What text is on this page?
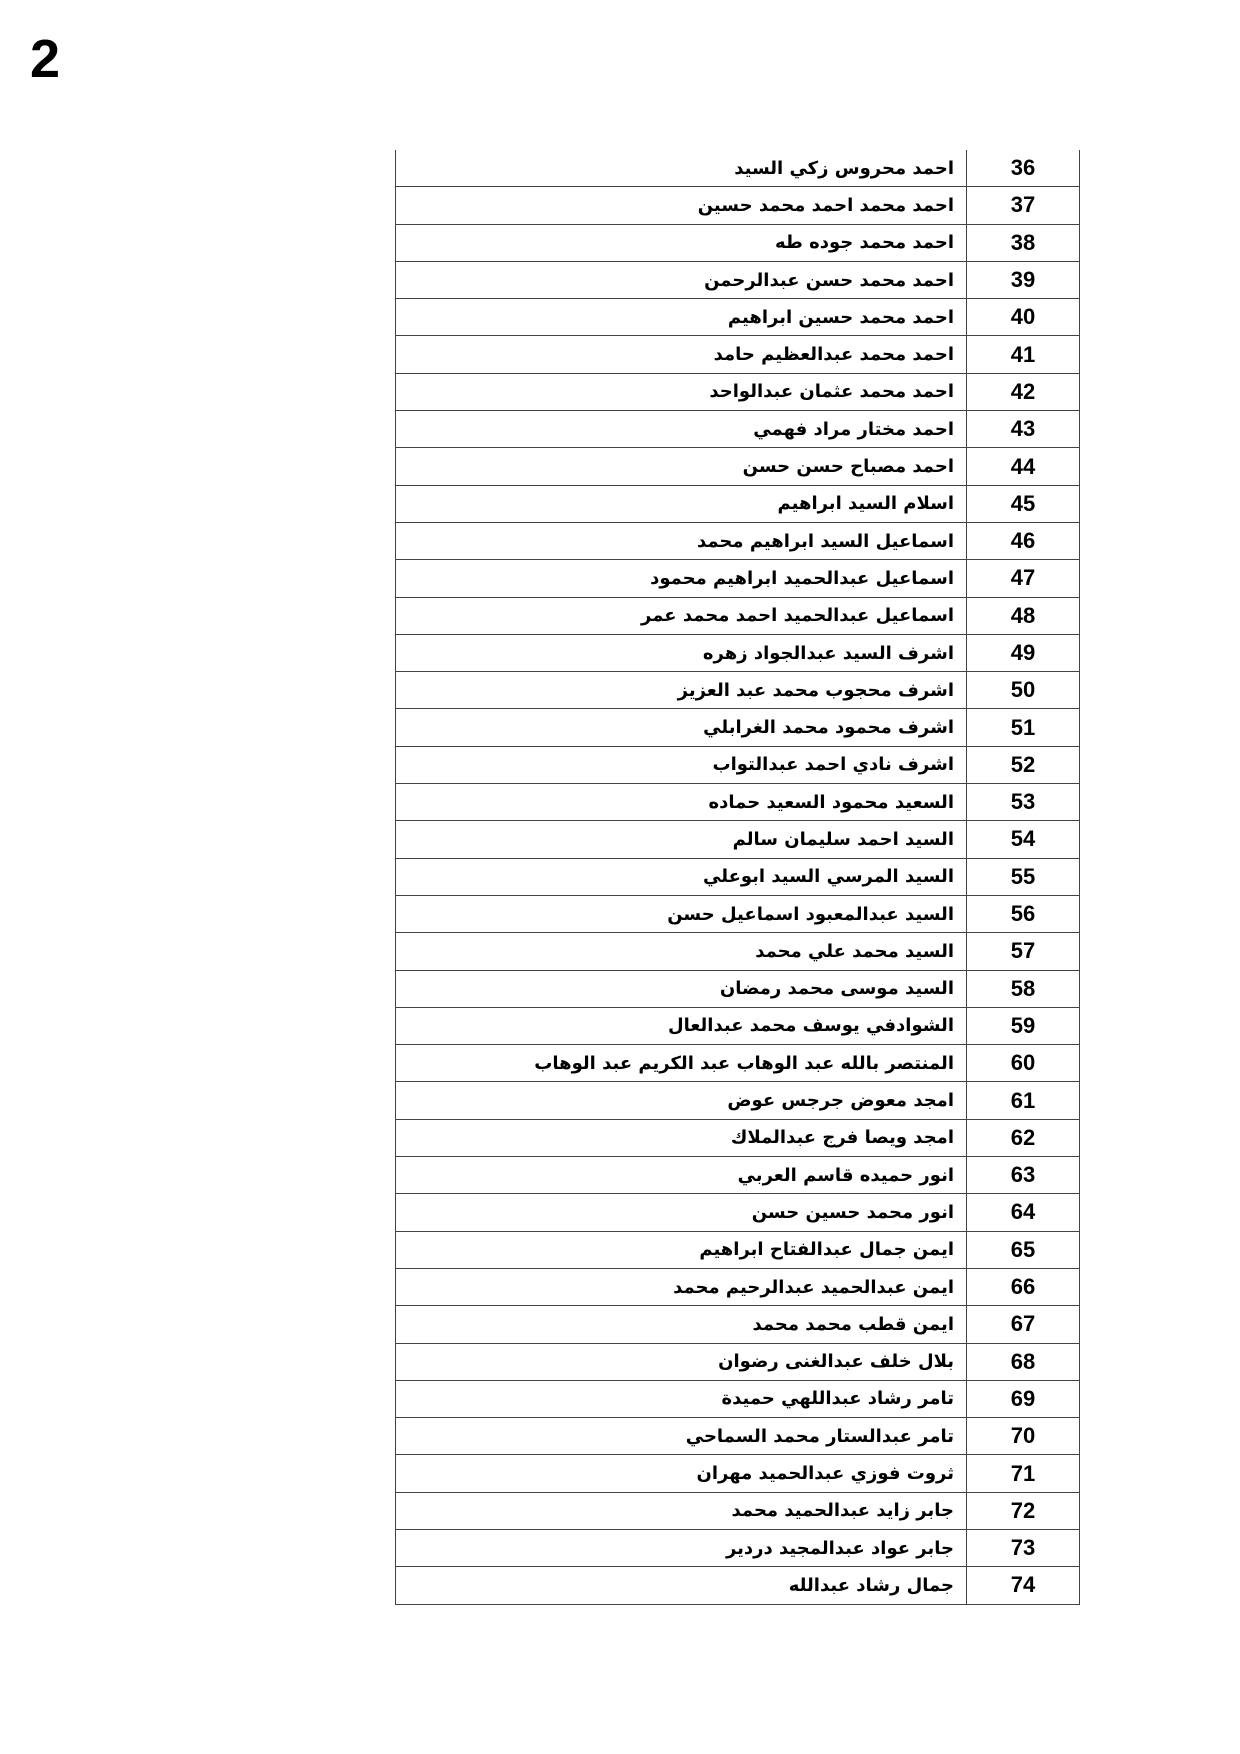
2
احمد محروس زكي السيد	36
احمد محمد احمد محمد حسين	37
احمد محمد جوده طه	38
احمد محمد حسن عبدالرحمن	39
احمد محمد حسين ابراهيم	40
احمد محمد عبدالعظيم حامد	41
احمد محمد عثمان عبدالواحد	42
احمد مختار مراد فهمي	43
احمد مصباح حسن حسن	44
اسلام السيد ابراهيم	45
اسماعيل السيد ابراهيم محمد	46
اسماعيل عبدالحميد ابراهيم محمود	47
اسماعيل عبدالحميد احمد محمد عمر	48
اشرف السيد عبدالجواد زهره	49
اشرف محجوب محمد عبد العزيز	50
اشرف محمود محمد الغرابلي	51
اشرف نادي احمد عبدالتواب	52
السعيد محمود السعيد حماده	53
السيد احمد سليمان سالم	54
السيد المرسي السيد ابوعلي	55
السيد عبدالمعبود اسماعيل حسن	56
السيد محمد علي محمد	57
السيد موسى محمد رمضان	58
الشوادفي يوسف محمد عبدالعال	59
المنتصر بالله عبد الوهاب عبد الكريم عبد الوهاب	60
امجد معوض جرجس عوض	61
امجد ويصا فرج عبدالملاك	62
انور حميده قاسم العربي	63
انور محمد حسين حسن	64
ايمن جمال عبدالفتاح ابراهيم	65
ايمن عبدالحميد عبدالرحيم محمد	66
ايمن قطب محمد محمد	67
بلال خلف عبدالغنى رضوان	68
تامر رشاد عبداللهي حميدة	69
تامر عبدالستار محمد السماحي	70
ثروت فوزي عبدالحميد مهران	71
جابر زايد عبدالحميد محمد	72
جابر عواد عبدالمجيد دردير	73
جمال رشاد عبدالله	74
